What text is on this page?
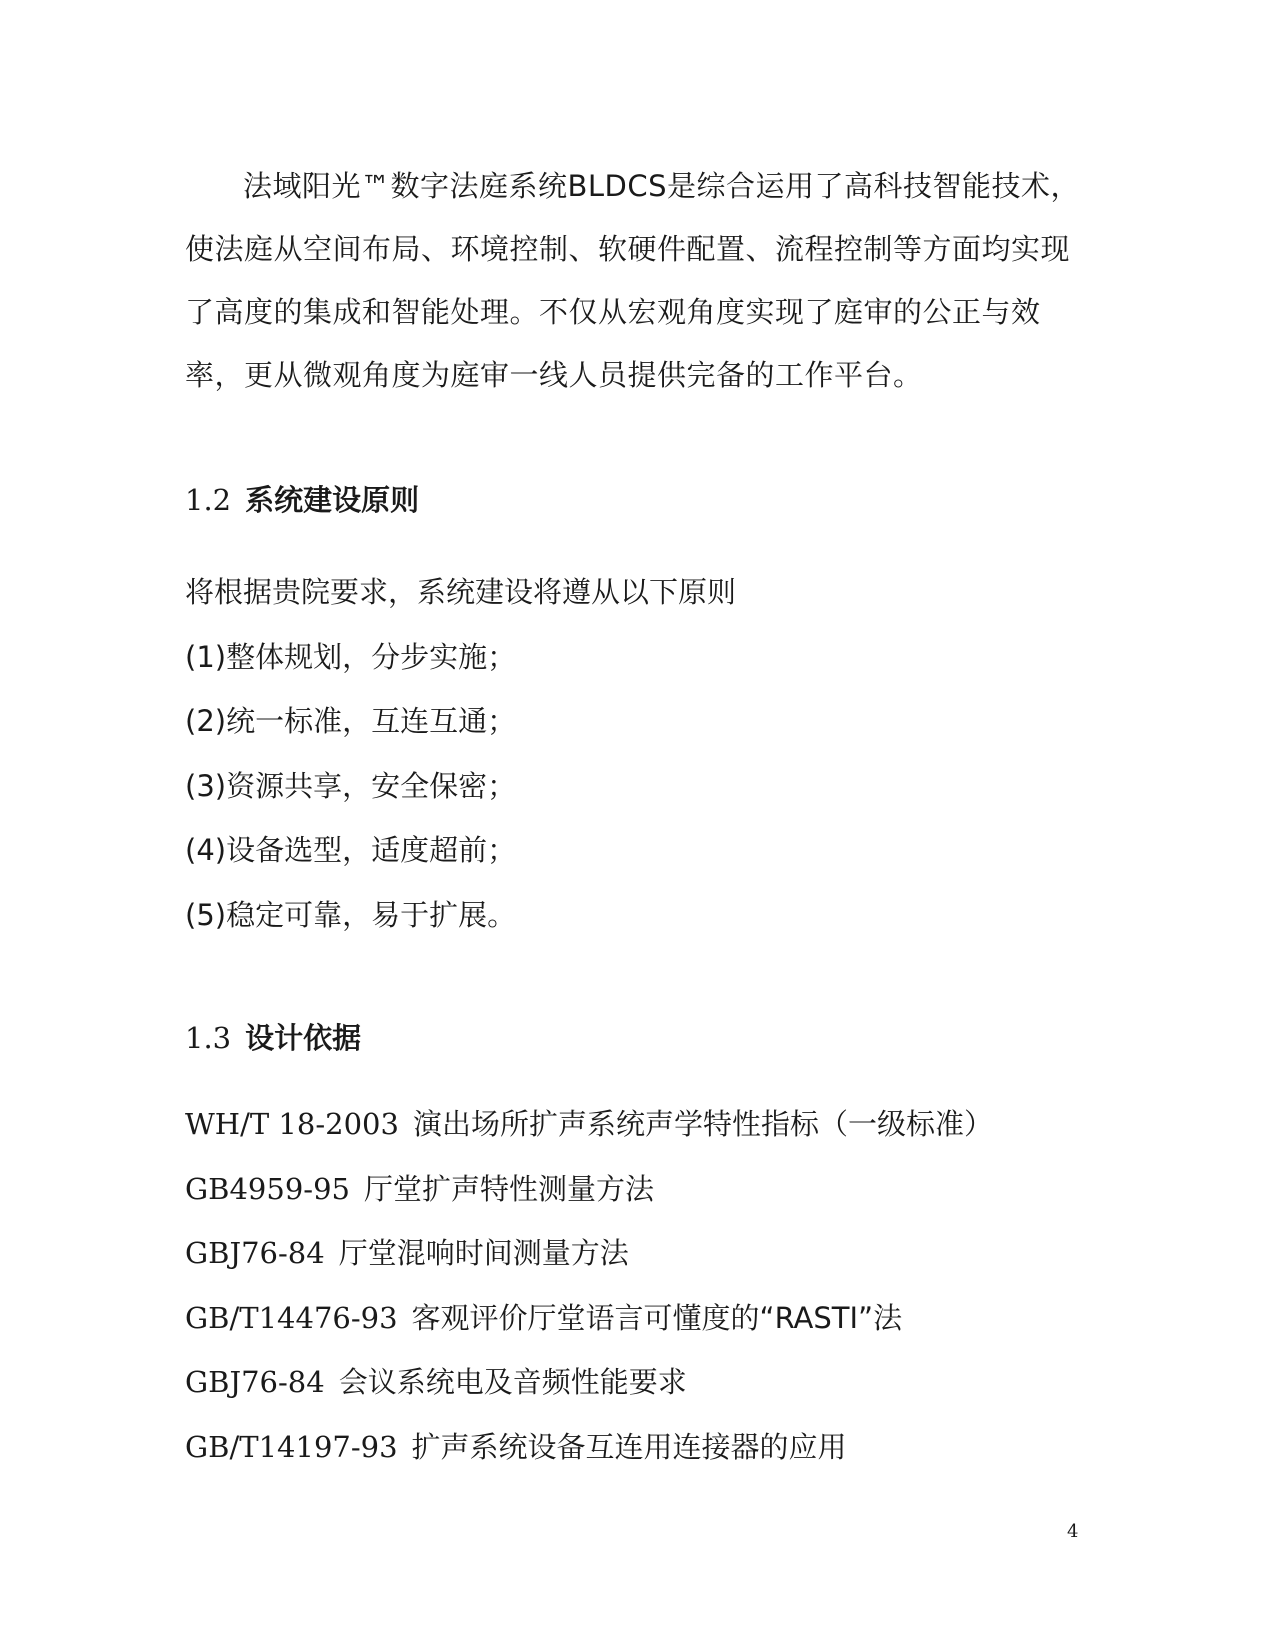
法域阳光™数字法庭系统BLDCS是综合运用了高科技智能技术，使法庭从空间布局、环境控制、软硬件配置、流程控制等方面均实现了高度的集成和智能处理。不仅从宏观角度实现了庭审的公正与效率，更从微观角度为庭审一线人员提供完备的工作平台。

1.2 系统建设原则
将根据贵院要求，系统建设将遵从以下原则
(1)整体规划，分步实施；
(2)统一标准，互连互通；
(3)资源共享，安全保密；
(4)设备选型，适度超前；
(5)稳定可靠，易于扩展。
1.3 设计依据
WH/T 18-2003 演出场所扩声系统声学特性指标（一级标准）
GB4959-95 厅堂扩声特性测量方法
GBJ76-84 厅堂混响时间测量方法
GB/T14476-93 客观评价厅堂语言可懂度的“RASTI”法
GBJ76-84 会议系统电及音频性能要求
GB/T14197-93 扩声系统设备互连用连接器的应用
4
